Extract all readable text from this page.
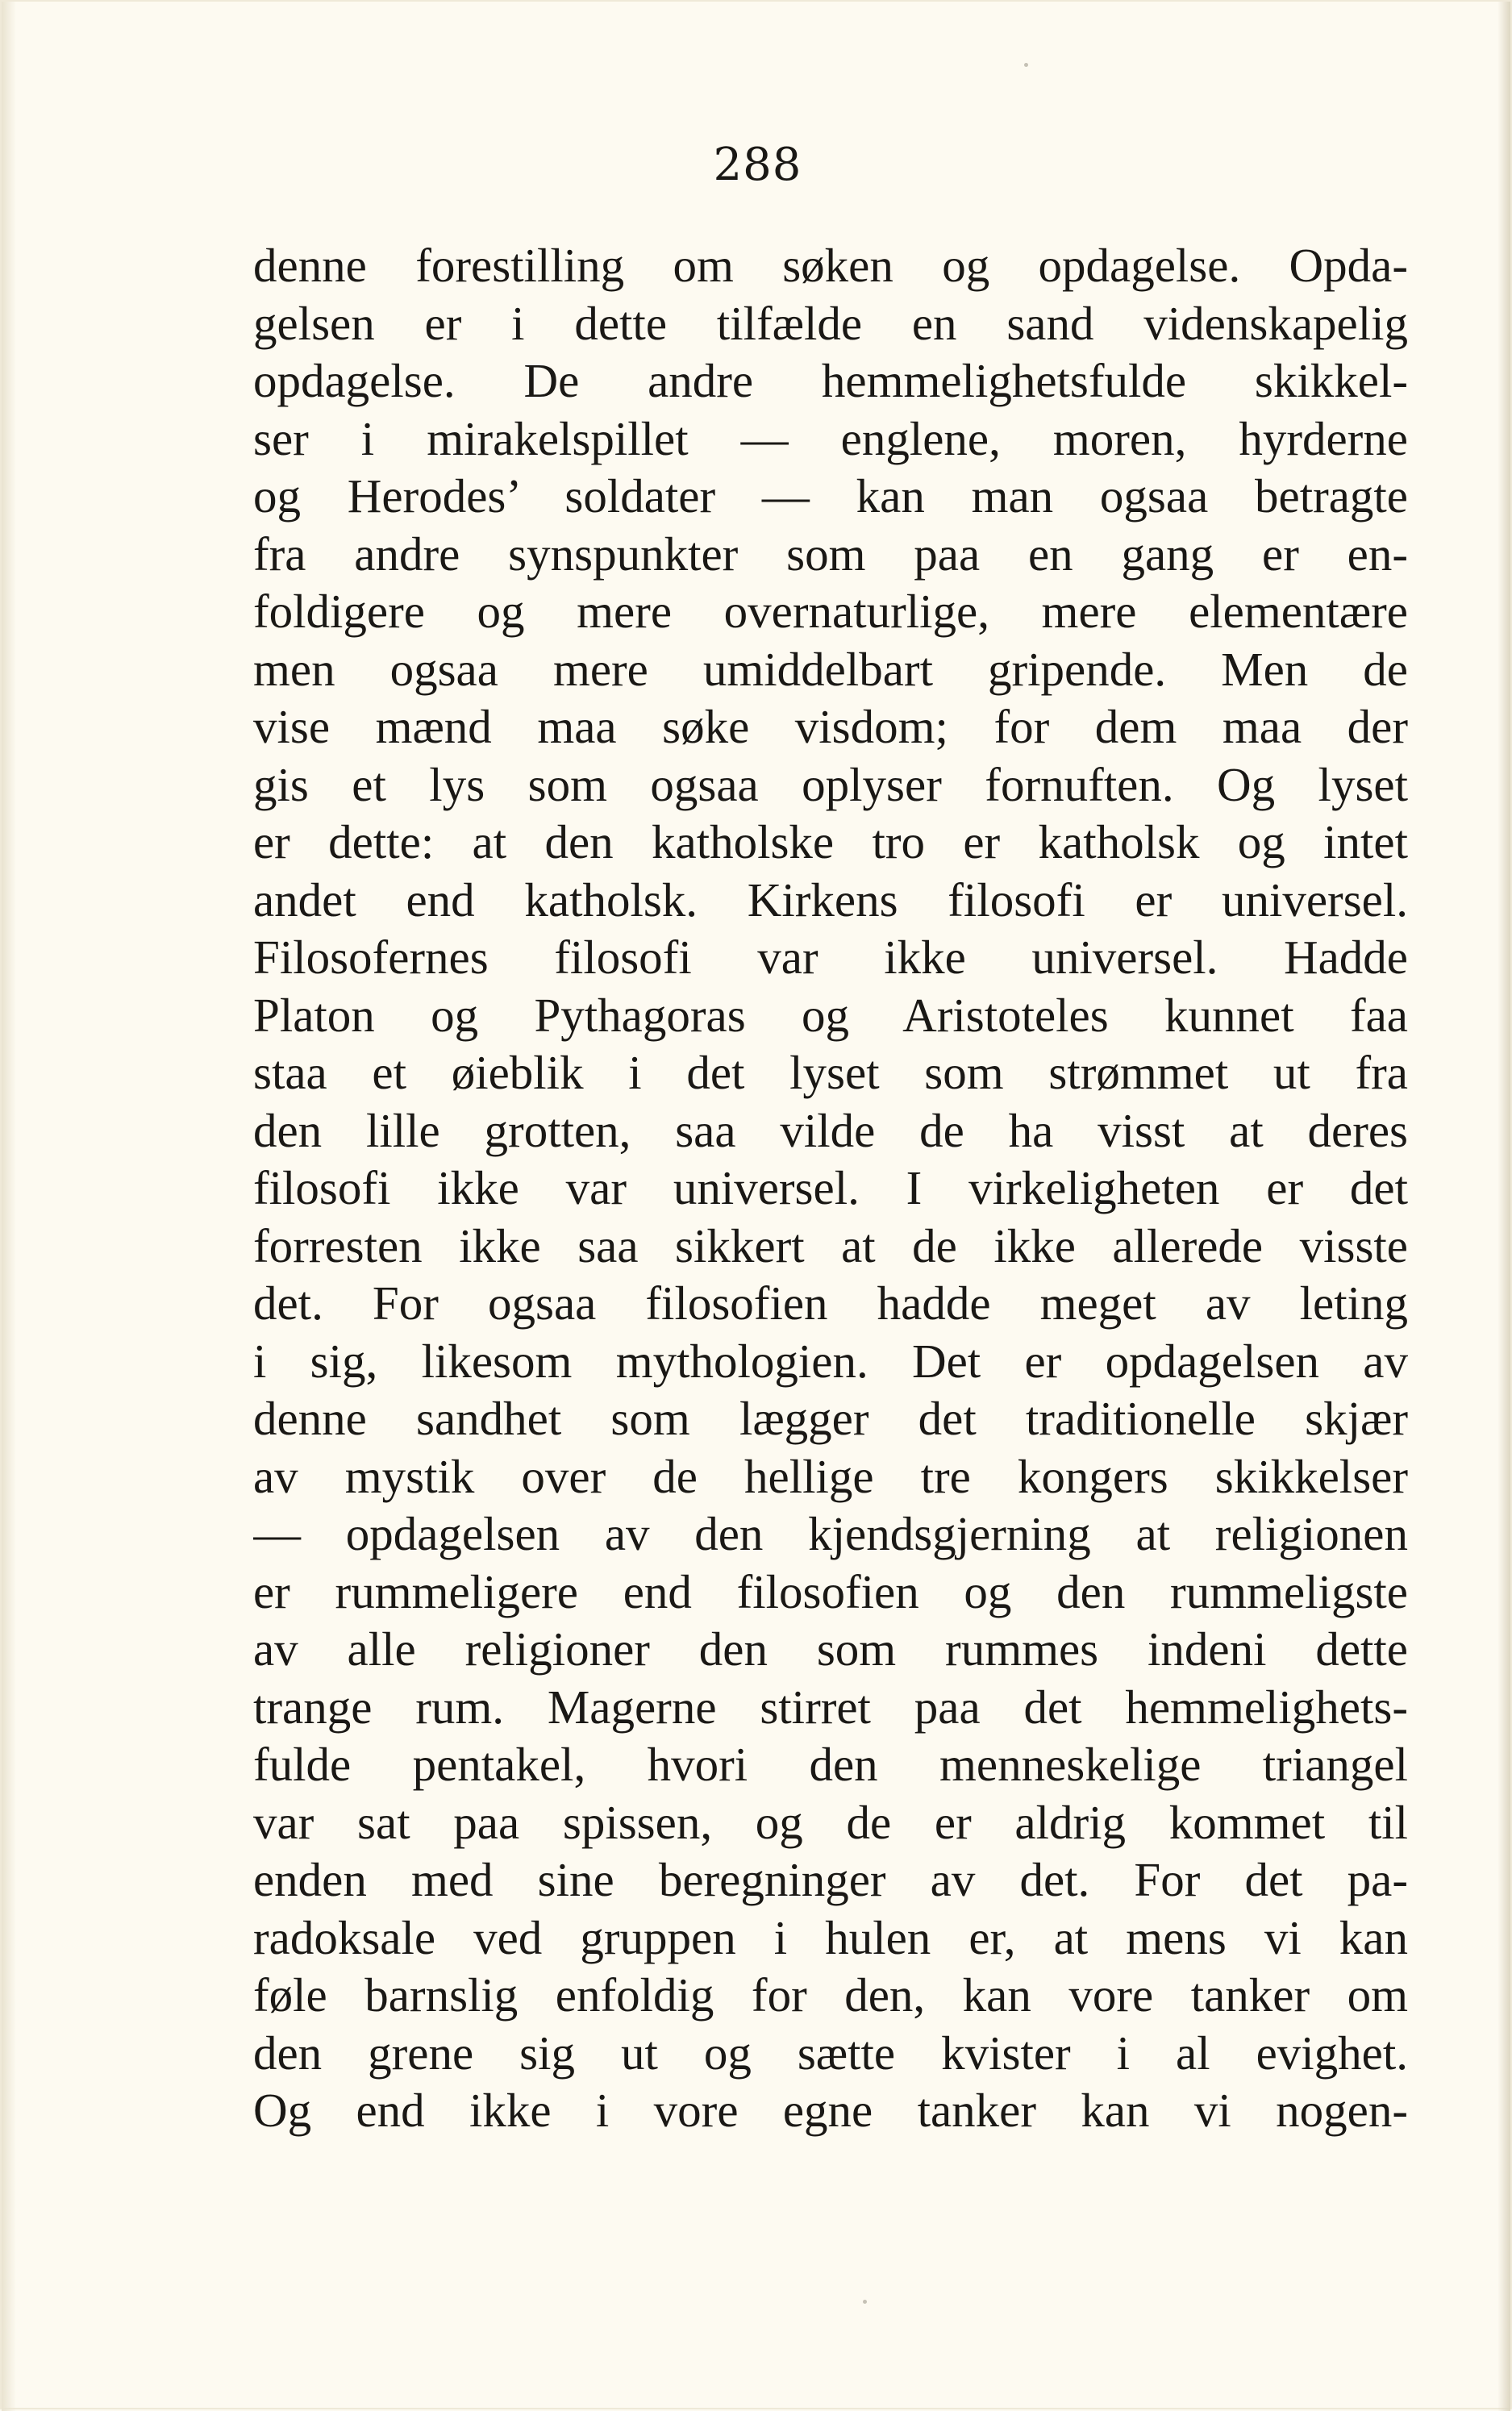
288
denne forestilling om søken og opdagelse. Opda-
gelsen er i dette tilfælde en sand videnskapelig
opdagelse. De andre hemmelighetsfulde skikkel-
ser i mirakelspillet — englene, moren, hyrderne
og Herodes’ soldater — kan man ogsaa betragte
fra andre synspunkter som paa en gang er en-
foldigere og mere overnaturlige, mere elementære
men ogsaa mere umiddelbart gripende. Men de
vise mænd maa søke visdom; for dem maa der
gis et lys som ogsaa oplyser fornuften. Og lyset
er dette: at den katholske tro er katholsk og intet
andet end katholsk. Kirkens filosofi er universel.
Filosofernes filosofi var ikke universel. Hadde
Platon og Pythagoras og Aristoteles kunnet faa
staa et øieblik i det lyset som strømmet ut fra
den lille grotten, saa vilde de ha visst at deres
filosofi ikke var universel. I virkeligheten er det
forresten ikke saa sikkert at de ikke allerede visste
det. For ogsaa filosofien hadde meget av leting
i sig, likesom mythologien. Det er opdagelsen av
denne sandhet som lægger det traditionelle skjær
av mystik over de hellige tre kongers skikkelser
— opdagelsen av den kjendsgjerning at religionen
er rummeligere end filosofien og den rummeligste
av alle religioner den som rummes indeni dette
trange rum. Magerne stirret paa det hemmelighets-
fulde pentakel, hvori den menneskelige triangel
var sat paa spissen, og de er aldrig kommet til
enden med sine beregninger av det. For det pa-
radoksale ved gruppen i hulen er, at mens vi kan
føle barnslig enfoldig for den, kan vore tanker om
den grene sig ut og sætte kvister i al evighet.
Og end ikke i vore egne tanker kan vi nogen-
